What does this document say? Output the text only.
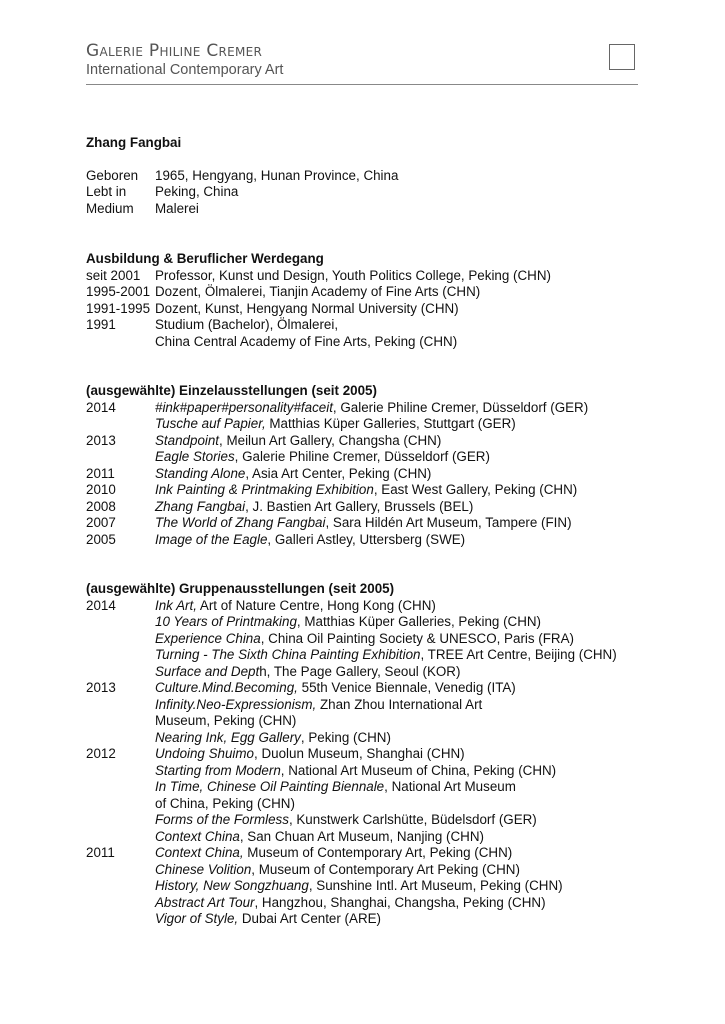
Galerie Philine Cremer
International Contemporary Art
Zhang Fangbai
Geboren	1965, Hengyang, Hunan Province, China
Lebt in	Peking, China
Medium	Malerei
Ausbildung & Beruflicher Werdegang
seit 2001	Professor, Kunst und Design, Youth Politics College, Peking (CHN)
1995-2001 Dozent, Ölmalerei, Tianjin Academy of Fine Arts (CHN)
1991-1995 Dozent, Kunst, Hengyang Normal University (CHN)
1991	Studium (Bachelor), Ölmalerei,
China Central Academy of Fine Arts, Peking (CHN)
(ausgewählte) Einzelausstellungen (seit 2005)
2014	#ink#paper#personality#faceit, Galerie Philine Cremer, Düsseldorf (GER)
Tusche auf Papier, Matthias Küper Galleries, Stuttgart (GER)
2013	Standpoint, Meilun Art Gallery, Changsha (CHN)
Eagle Stories, Galerie Philine Cremer, Düsseldorf (GER)
2011	Standing Alone, Asia Art Center, Peking (CHN)
2010	Ink Painting & Printmaking Exhibition, East West Gallery, Peking (CHN)
2008	Zhang Fangbai, J. Bastien Art Gallery, Brussels (BEL)
2007	The World of Zhang Fangbai, Sara Hildén Art Museum, Tampere (FIN)
2005	Image of the Eagle, Galleri Astley, Uttersberg (SWE)
(ausgewählte) Gruppenausstellungen (seit 2005)
2014	Ink Art, Art of Nature Centre, Hong Kong (CHN)
10 Years of Printmaking, Matthias Küper Galleries, Peking (CHN)
Experience China, China Oil Painting Society & UNESCO, Paris (FRA)
Turning - The Sixth China Painting Exhibition, TREE Art Centre, Beijing (CHN)
Surface and Depth, The Page Gallery, Seoul (KOR)
2013	Culture.Mind.Becoming, 55th Venice Biennale, Venedig (ITA)
Infinity.Neo-Expressionism, Zhan Zhou International Art
Museum, Peking (CHN)
Nearing Ink, Egg Gallery, Peking (CHN)
2012	Undoing Shuimo, Duolun Museum, Shanghai (CHN)
Starting from Modern, National Art Museum of China, Peking (CHN)
In Time, Chinese Oil Painting Biennale, National Art Museum
of China, Peking (CHN)
Forms of the Formless, Kunstwerk Carlshütte, Büdelsdorf (GER)
Context China, San Chuan Art Museum, Nanjing (CHN)
2011	Context China, Museum of Contemporary Art, Peking (CHN)
Chinese Volition, Museum of Contemporary Art Peking (CHN)
History, New Songzhuang, Sunshine Intl. Art Museum, Peking (CHN)
Abstract Art Tour, Hangzhou, Shanghai, Changsha, Peking (CHN)
Vigor of Style, Dubai Art Center (ARE)
